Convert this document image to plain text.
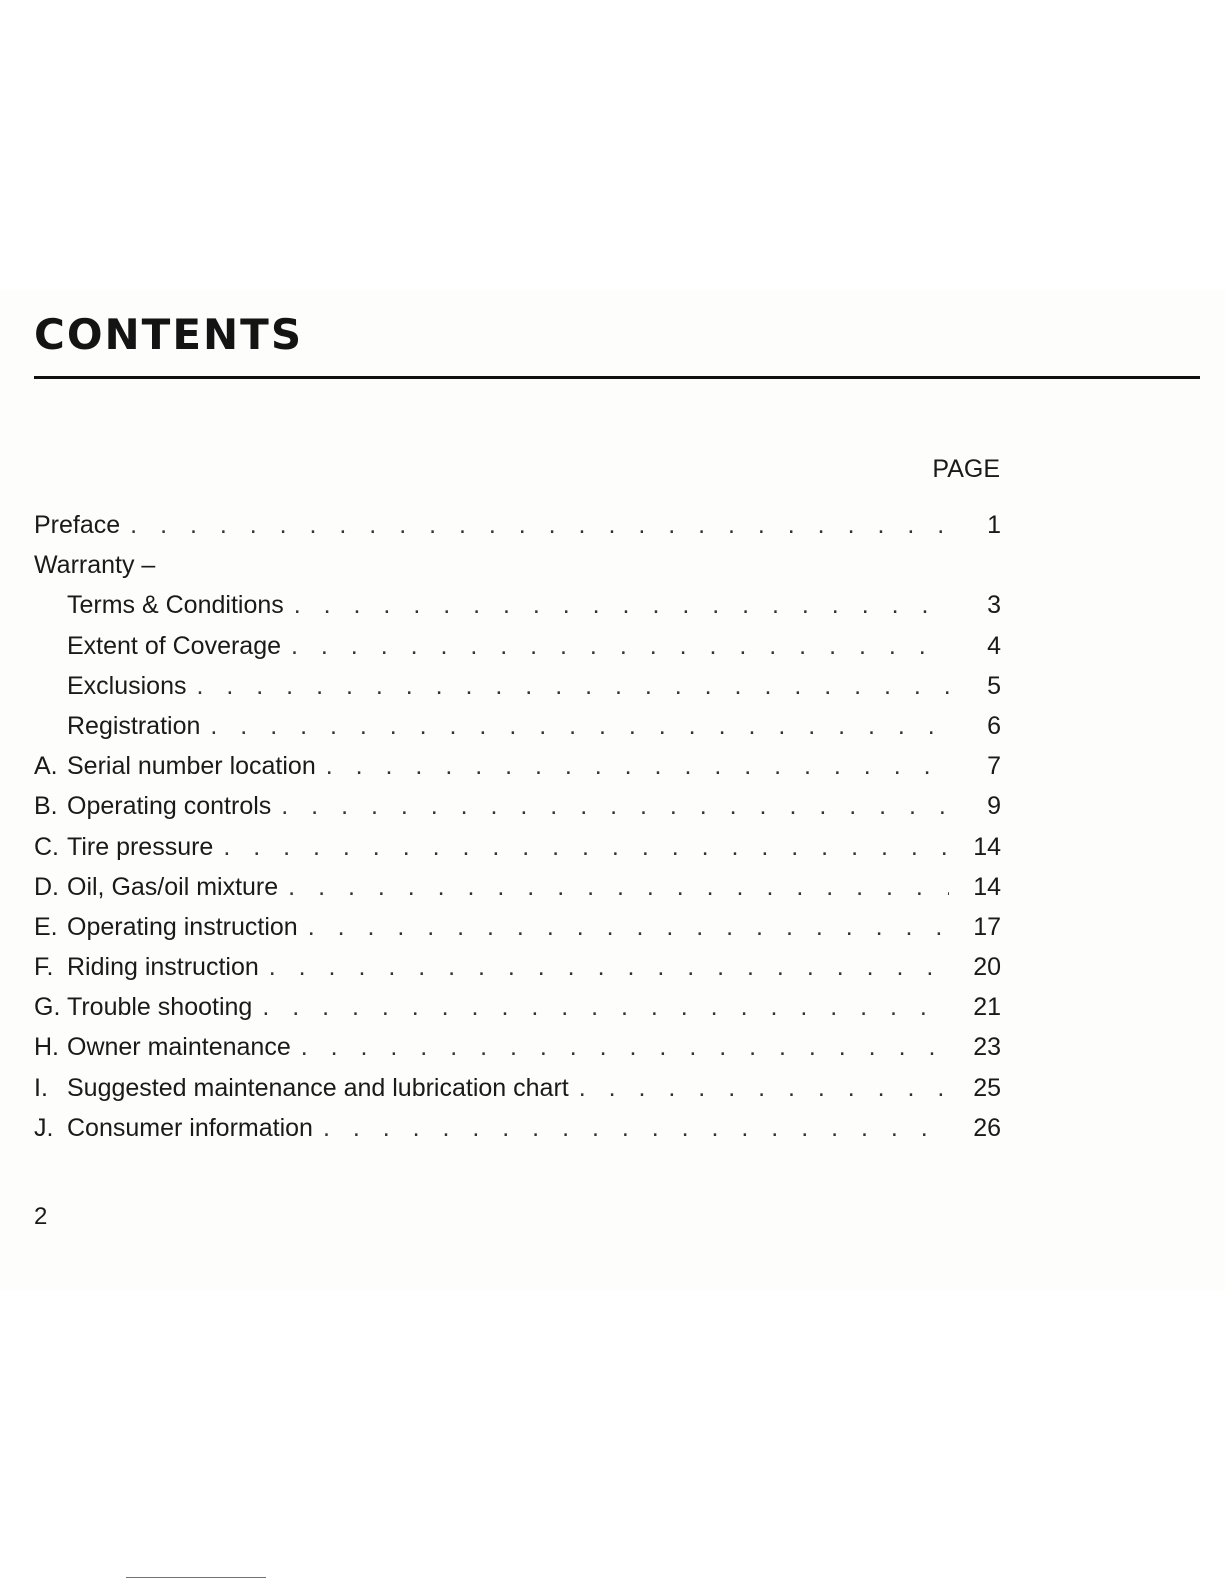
CONTENTS
PAGE
Preface . . .	1
Warranty –
Terms & Conditions . . .	3
Extent of Coverage . . .	4
Exclusions . . .	5
Registration . . .	6
A. Serial number location . . .	7
B. Operating controls . . .	9
C. Tire pressure . . .	14
D. Oil, Gas/oil mixture . . .	14
E. Operating instruction . . .	17
F. Riding instruction . . .	20
G. Trouble shooting . . .	21
H. Owner maintenance . . .	23
I. Suggested maintenance and lubrication chart . . .	25
J. Consumer information . . .	26
2
